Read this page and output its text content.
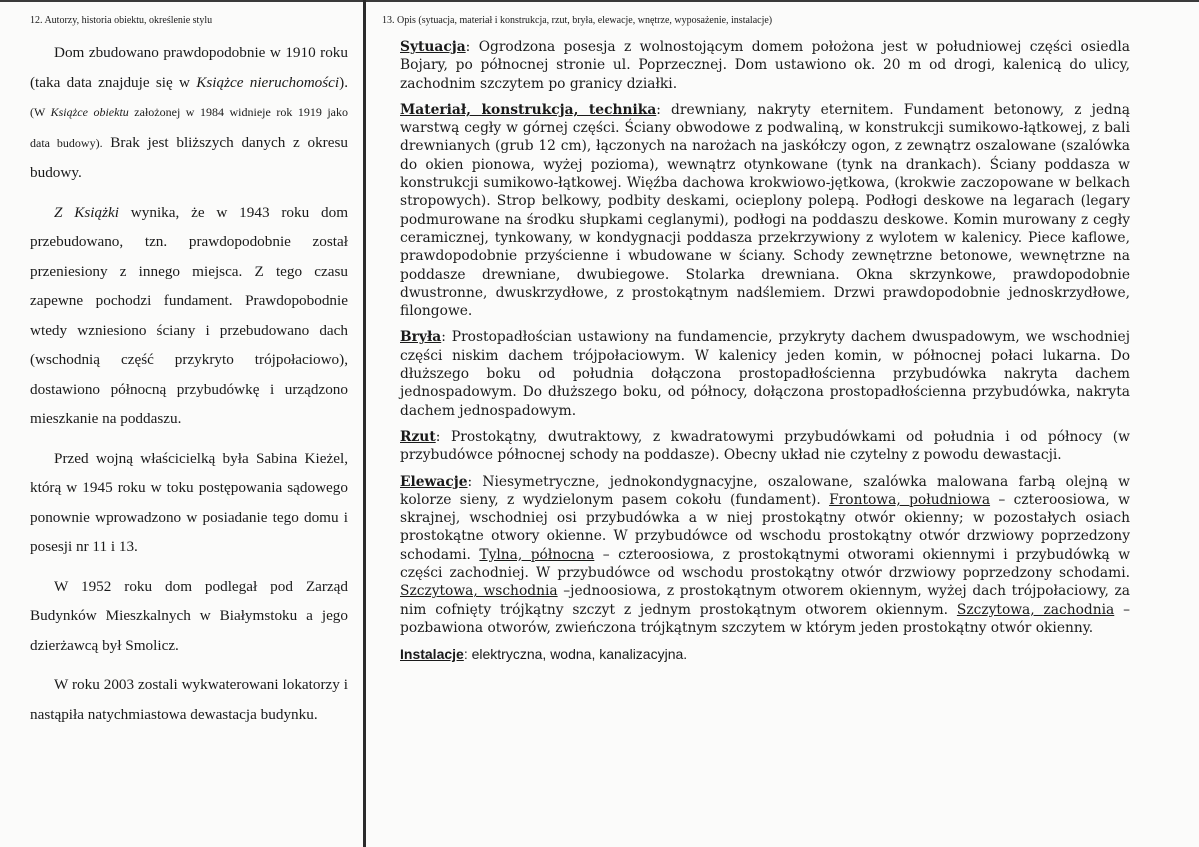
12. Autorzy, historia obiektu, określenie stylu

Dom zbudowano prawdopodobnie w 1910 roku (taka data znajduje się w Książce nieruchomości). (W Książce obiektu założonej w 1984 widnieje rok 1919 jako data budowy). Brak jest bliższych danych z okresu budowy.

Z Książki wynika, że w 1943 roku dom przebudowano, tzn. prawdopodobnie został przeniesiony z innego miejsca. Z tego czasu zapewne pochodzi fundament. Prawdopobodnie wtedy wzniesiono ściany i przebudowano dach (wschodnią część przykryto trójpołaciowo), dostawiono północną przybudówkę i urządzono mieszkanie na poddaszu.

Przed wojną właścicielką była Sabina Kieżel, którą w 1945 roku w toku postępowania sądowego ponownie wprowadzono w posiadanie tego domu i posesji nr 11 i 13.

W 1952 roku dom podlegał pod Zarząd Budynków Mieszkalnych w Białymstoku a jego dzierżawcą był Smolicz.

W roku 2003 zostali wykwaterowani lokatorzy i nastąpiła natychmiastowa dewastacja budynku.

13. Opis (sytuacja, materiał i konstrukcja, rzut, bryła, elewacje, wnętrze, wyposażenie, instalacje)
Sytuacja: Ogrodzona posesja z wolnostojącym domem położona jest w południowej części osiedla Bojary, po północnej stronie ul. Poprzecznej. Dom ustawiono ok. 20 m od drogi, kalenicą do ulicy, zachodnim szczytem po granicy działki.
Materiał, konstrukcja, technika: drewniany, nakryty eternitem. Fundament betonowy, z jedną warstwą cegły w górnej części. Ściany obwodowe z podwaliną, w konstrukcji sumikowo-łątkowej, z bali drewnianych (grub 12 cm), łączonych na narożach na jaskółczy ogon, z zewnątrz oszalowane (szalówka do okien pionowa, wyżej pozioma), wewnątrz otynkowane (tynk na drankach). Ściany poddasza w konstrukcji sumikowo-łątkowej. Więźba dachowa krokwiowo-jętkowa, (krokwie zaczopowane w belkach stropowych). Strop belkowy, podbity deskami, ocieplony polepą. Podłogi deskowe na legarach (legary podmurowane na środku słupkami ceglanymi), podłogi na poddaszu deskowe. Komin murowany z cegły ceramicznej, tynkowany, w kondygnacji poddasza przekrzywiony z wylotem w kalenicy. Piece kaflowe, prawdopodobnie przyścienne i wbudowane w ściany. Schody zewnętrzne betonowe, wewnętrzne na poddasze drewniane, dwubiegowe. Stolarka drewniana. Okna skrzynkowe, prawdopodobnie dwustronne, dwuskrzydłowe, z prostokątnym nadślemiem. Drzwi prawdopodobnie jednoskrzydłowe, filongowe.
Bryła: Prostopadłościan ustawiony na fundamencie, przykryty dachem dwuspadowym, we wschodniej części niskim dachem trójpołaciowym. W kalenicy jeden komin, w północnej połaci lukarna. Do dłuższego boku od południa dołączona prostopadłościenna przybudówka nakryta dachem jednospadowym. Do dłuższego boku, od północy, dołączona prostopadłościenna przybudówka, nakryta dachem jednospadowym.
Rzut: Prostokątny, dwutraktowy, z kwadratowymi przybudówkami od południa i od północy (w przybudówce północnej schody na poddasze). Obecny układ nie czytelny z powodu dewastacji.
Elewacje: Niesymetryczne, jednokondygnacyjne, oszalowane, szalówka malowana farbą olejną w kolorze sieny, z wydzielonym pasem cokołu (fundament). Frontowa, południowa – czteroosiowa, w skrajnej, wschodniej osi przybudówka a w niej prostokątny otwór okienny; w pozostałych osiach prostokątne otwory okienne. W przybudówce od wschodu prostokątny otwór drzwiowy poprzedzony schodami. Tylna, północna – czteroosiowa, z prostokątnymi otworami okiennymi i przybudówką w części zachodniej. W przybudówce od wschodu prostokątny otwór drzwiowy poprzedzony schodami. Szczytowa, wschodnia –jednoosiowa, z prostokątnym otworem okiennym, wyżej dach trójpołaciowy, za nim cofnięty trójkątny szczyt z jednym prostokątnym otworem okiennym. Szczytowa, zachodnia – pozbawiona otworów, zwieńczona trójkątnym szczytem w którym jeden prostokątny otwór okienny.
Instalacje: elektryczna, wodna, kanalizacyjna.
